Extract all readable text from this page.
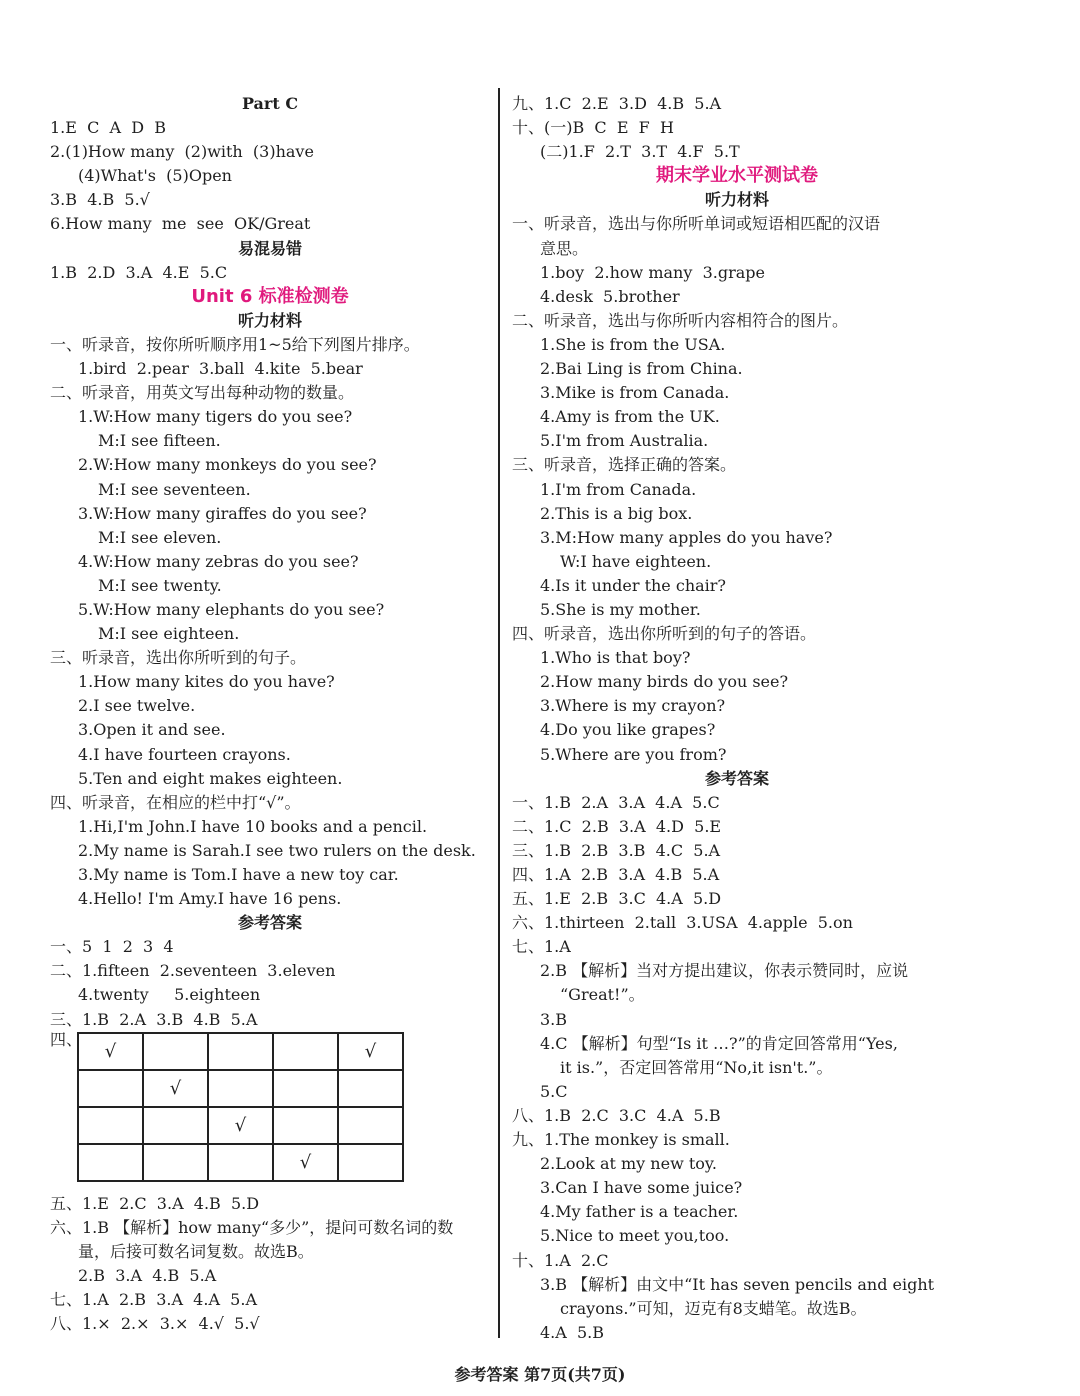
Part C
1.E  C  A  D  B
2.(1)How many  (2)with  (3)have
(4)What's  (5)Open
3.B  4.B  5.√
6.How many  me  see  OK/Great
易混易错
1.B  2.D  3.A  4.E  5.C
Unit 6 标准检测卷
听力材料
一、听录音，按你所听顺序用1~5给下列图片排序。
1.bird  2.pear  3.ball  4.kite  5.bear
二、听录音，用英文写出每种动物的数量。
1.W:How many tigers do you see?
M:I see fifteen.
2.W:How many monkeys do you see?
M:I see seventeen.
3.W:How many giraffes do you see?
M:I see eleven.
4.W:How many zebras do you see?
M:I see twenty.
5.W:How many elephants do you see?
M:I see eighteen.
三、听录音，选出你所听到的句子。
1.How many kites do you have?
2.I see twelve.
3.Open it and see.
4.I have fourteen crayons.
5.Ten and eight makes eighteen.
四、听录音，在相应的栏中打“√”。
1.Hi,I'm John.I have 10 books and a pencil.
2.My name is Sarah.I see two rulers on the desk.
3.My name is Tom.I have a new toy car.
4.Hello! I'm Amy.I have 16 pens.
参考答案
一、5  1  2  3  4
二、1.fifteen  2.seventeen  3.eleven
4.twenty     5.eighteen
三、1.B  2.A  3.B  4.B  5.A
四、
√				√
	√			
		√		
			√	
五、1.E  2.C  3.A  4.B  5.D
六、1.B 【解析】how many“多少”，提问可数名词的数
量，后接可数名词复数。故选B。
2.B  3.A  4.B  5.A
七、1.A  2.B  3.A  4.A  5.A
八、1.×  2.×  3.×  4.√  5.√
九、1.C  2.E  3.D  4.B  5.A
十、(一)B  C  E  F  H
(二)1.F  2.T  3.T  4.F  5.T
期末学业水平测试卷
听力材料
一、听录音，选出与你所听单词或短语相匹配的汉语
意思。
1.boy  2.how many  3.grape
4.desk  5.brother
二、听录音，选出与你所听内容相符合的图片。
1.She is from the USA.
2.Bai Ling is from China.
3.Mike is from Canada.
4.Amy is from the UK.
5.I'm from Australia.
三、听录音，选择正确的答案。
1.I'm from Canada.
2.This is a big box.
3.M:How many apples do you have?
W:I have eighteen.
4.Is it under the chair?
5.She is my mother.
四、听录音，选出你所听到的句子的答语。
1.Who is that boy?
2.How many birds do you see?
3.Where is my crayon?
4.Do you like grapes?
5.Where are you from?
参考答案
一、1.B  2.A  3.A  4.A  5.C
二、1.C  2.B  3.A  4.D  5.E
三、1.B  2.B  3.B  4.C  5.A
四、1.A  2.B  3.A  4.B  5.A
五、1.E  2.B  3.C  4.A  5.D
六、1.thirteen  2.tall  3.USA  4.apple  5.on
七、1.A
2.B 【解析】当对方提出建议，你表示赞同时，应说
“Great!”。
3.B
4.C 【解析】句型“Is it …?”的肯定回答常用“Yes,
it is.”，否定回答常用“No,it isn't.”。
5.C
八、1.B  2.C  3.C  4.A  5.B
九、1.The monkey is small.
2.Look at my new toy.
3.Can I have some juice?
4.My father is a teacher.
5.Nice to meet you,too.
十、1.A  2.C
3.B 【解析】由文中“It has seven pencils and eight
crayons.”可知，迈克有8支蜡笔。故选B。
4.A  5.B
参考答案 第7页(共7页)
